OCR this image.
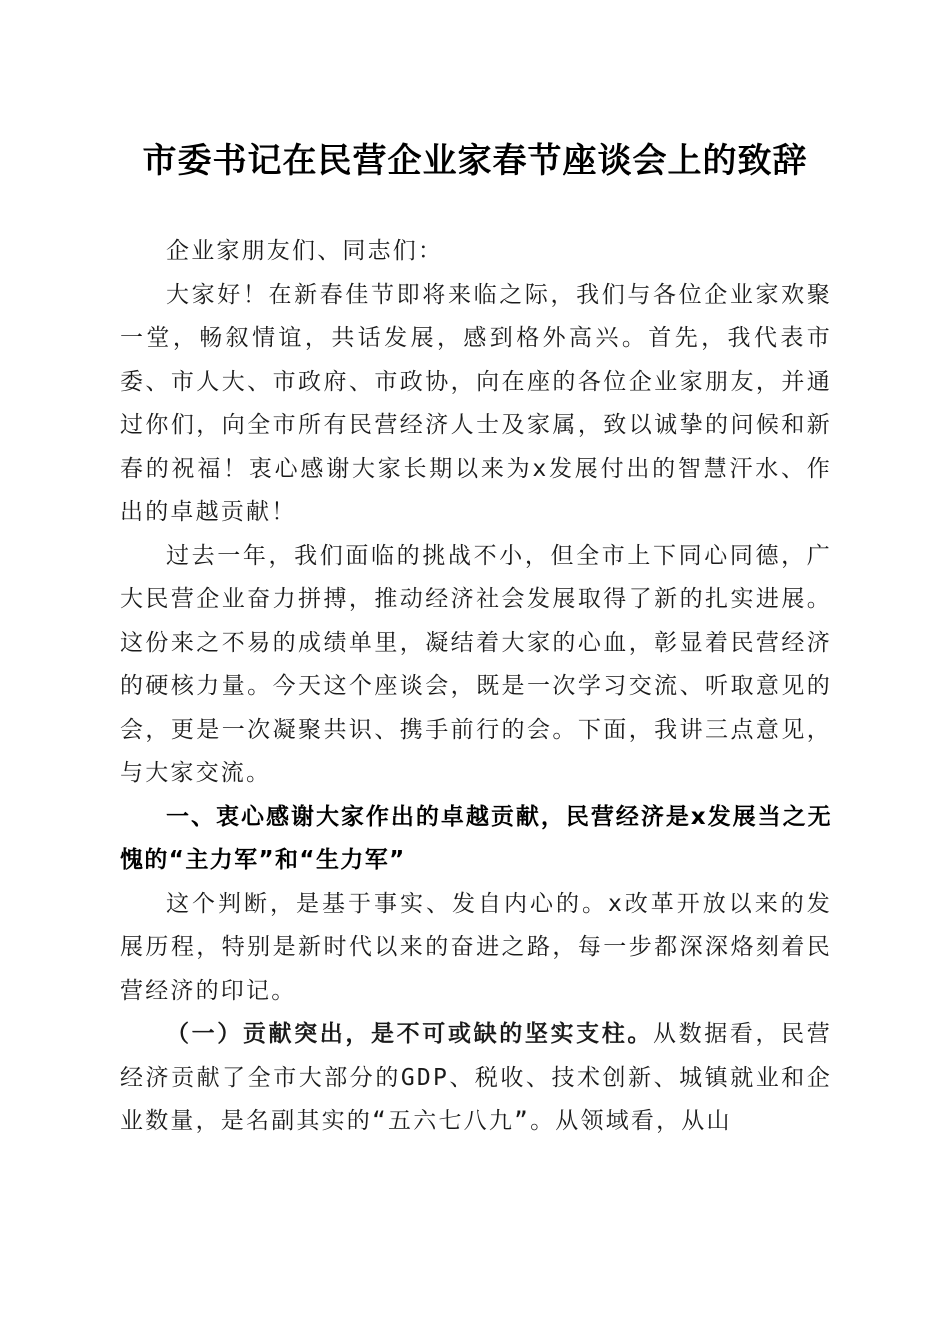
市委书记在民营企业家春节座谈会上的致辞

企业家朋友们、同志们：

大家好！在新春佳节即将来临之际，我们与各位企业家欢聚一堂，畅叙情谊，共话发展，感到格外高兴。首先，我代表市委、市人大、市政府、市政协，向在座的各位企业家朋友，并通过你们，向全市所有民营经济人士及家属，致以诚挚的问候和新春的祝福！衷心感谢大家长期以来为x发展付出的智慧汗水、作出的卓越贡献！

过去一年，我们面临的挑战不小，但全市上下同心同德，广大民营企业奋力拼搏，推动经济社会发展取得了新的扎实进展。这份来之不易的成绩单里，凝结着大家的心血，彰显着民营经济的硬核力量。今天这个座谈会，既是一次学习交流、听取意见的会，更是一次凝聚共识、携手前行的会。下面，我讲三点意见，与大家交流。

一、衷心感谢大家作出的卓越贡献，民营经济是x发展当之无愧的“主力军”和“生力军”

这个判断，是基于事实、发自内心的。x改革开放以来的发展历程，特别是新时代以来的奋进之路，每一步都深深烙刻着民营经济的印记。

（一）贡献突出，是不可或缺的坚实支柱。从数据看，民营经济贡献了全市大部分的GDP、税收、技术创新、城镇就业和企业数量，是名副其实的“五六七八九”。从领域看，从山
